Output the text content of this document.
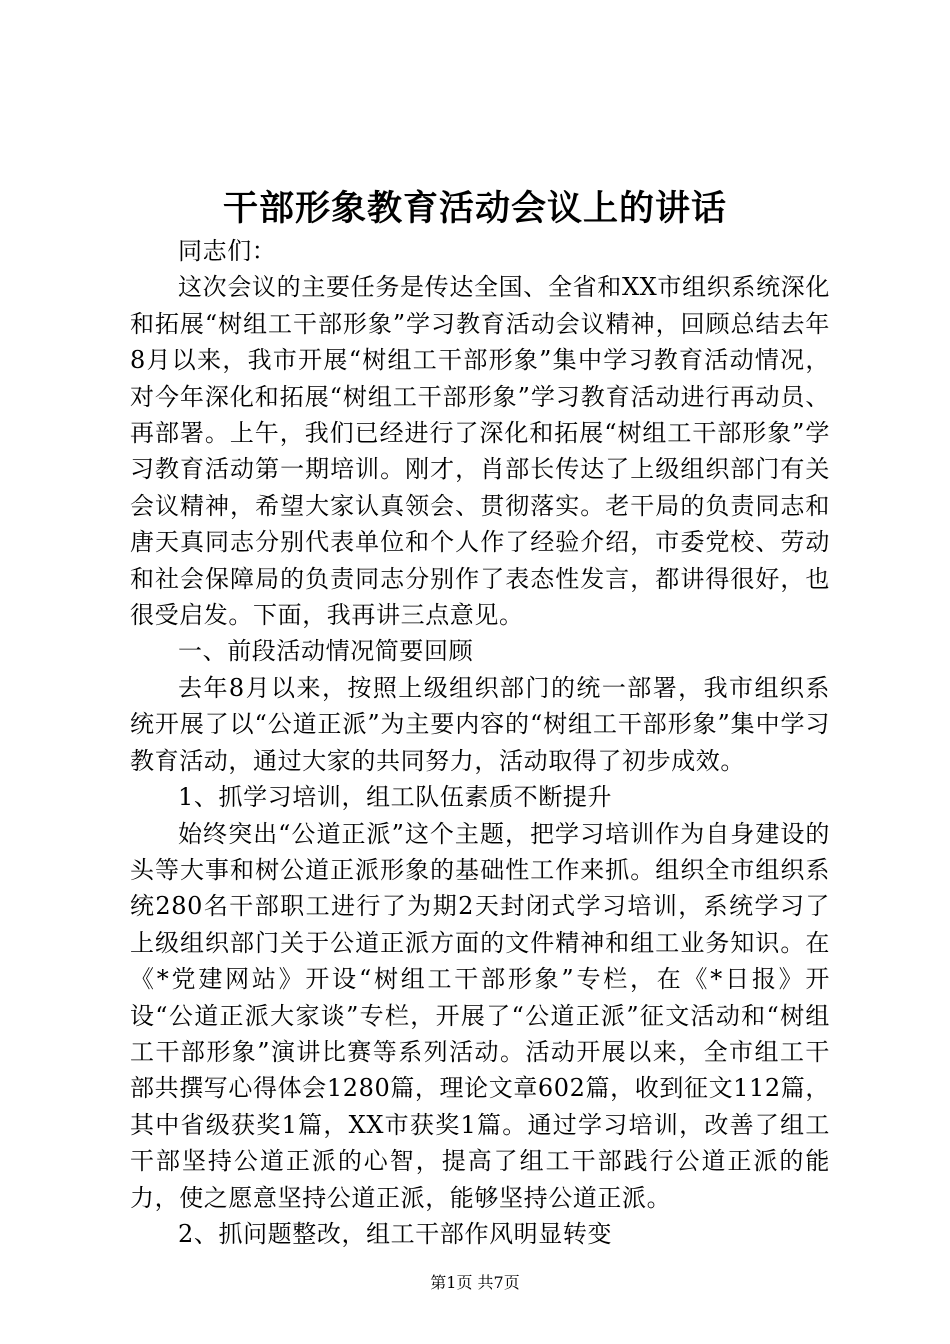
干部形象教育活动会议上的讲话

同志们：

这次会议的主要任务是传达全国、全省和XX市组织系统深化和拓展“树组工干部形象”学习教育活动会议精神，回顾总结去年8月以来，我市开展“树组工干部形象”集中学习教育活动情况，对今年深化和拓展“树组工干部形象”学习教育活动进行再动员、再部署。上午，我们已经进行了深化和拓展“树组工干部形象”学习教育活动第一期培训。刚才，肖部长传达了上级组织部门有关会议精神，希望大家认真领会、贯彻落实。老干局的负责同志和唐天真同志分别代表单位和个人作了经验介绍，市委党校、劳动和社会保障局的负责同志分别作了表态性发言，都讲得很好，也很受启发。下面，我再讲三点意见。

一、前段活动情况简要回顾

去年8月以来，按照上级组织部门的统一部署，我市组织系统开展了以“公道正派”为主要内容的“树组工干部形象”集中学习教育活动，通过大家的共同努力，活动取得了初步成效。

1、抓学习培训，组工队伍素质不断提升

始终突出“公道正派”这个主题，把学习培训作为自身建设的头等大事和树公道正派形象的基础性工作来抓。组织全市组织系统280名干部职工进行了为期2天封闭式学习培训，系统学习了上级组织部门关于公道正派方面的文件精神和组工业务知识。在《*党建网站》开设“树组工干部形象”专栏，在《*日报》开设“公道正派大家谈”专栏，开展了“公道正派”征文活动和“树组工干部形象”演讲比赛等系列活动。活动开展以来，全市组工干部共撰写心得体会1280篇，理论文章602篇，收到征文112篇，其中省级获奖1篇，XX市获奖1篇。通过学习培训，改善了组工干部坚持公道正派的心智，提高了组工干部践行公道正派的能力，使之愿意坚持公道正派，能够坚持公道正派。

2、抓问题整改，组工干部作风明显转变

第1页 共7页
